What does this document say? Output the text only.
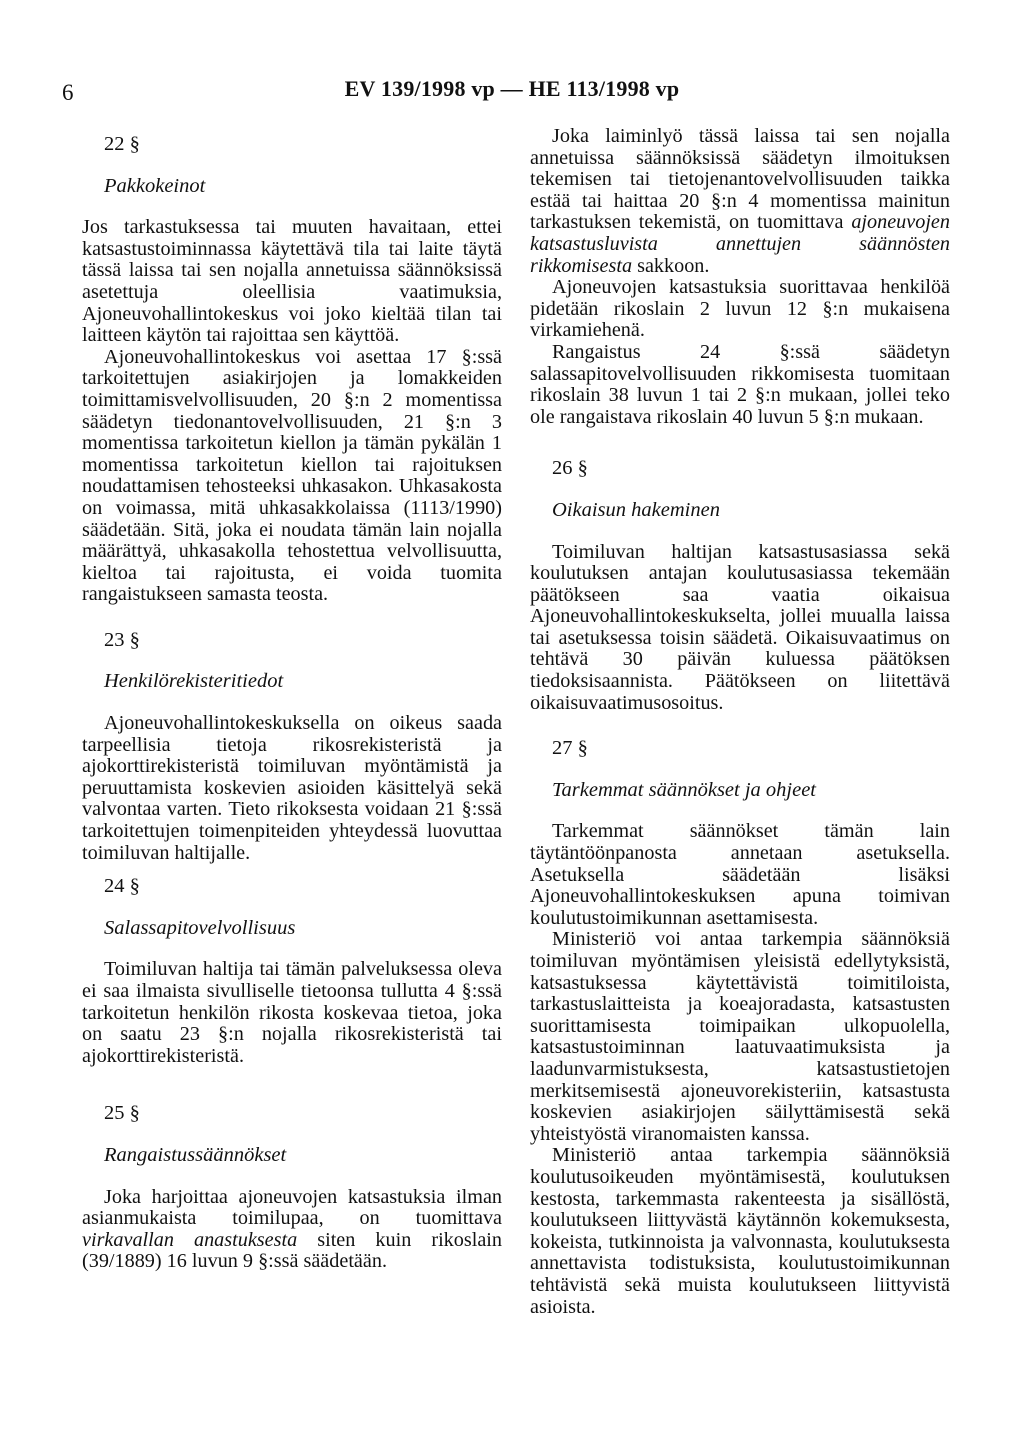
6	EV 139/1998 vp — HE 113/1998 vp

22 §

Pakkokeinot

Jos tarkastuksessa tai muuten havaitaan, ettei katsastustoiminnassa käytettävä tila tai laite täytä tässä laissa tai sen nojalla annetuissa säännöksissä asetettuja oleellisia vaatimuksia, Ajoneuvohallintokeskus voi joko kieltää tilan tai laitteen käytön tai rajoittaa sen käyttöä.

Ajoneuvohallintokeskus voi asettaa 17 §:ssä tarkoitettujen asiakirjojen ja lomakkeiden toimittamisvelvollisuuden, 20 §:n 2 momentissa säädetyn tiedonantovelvollisuuden, 21 §:n 3 momentissa tarkoitetun kiellon ja tämän pykälän 1 momentissa tarkoitetun kiellon tai rajoituksen noudattamisen tehosteeksi uhkasakon. Uhkasakosta on voimassa, mitä uhkasakkolaissa (1113/1990) säädetään. Sitä, joka ei noudata tämän lain nojalla määrättyä, uhkasakolla tehostettua velvollisuutta, kieltoa tai rajoitusta, ei voida tuomita rangaistukseen samasta teosta.

23 §

Henkilörekisteritiedot

Ajoneuvohallintokeskuksella on oikeus saada tarpeellisia tietoja rikosrekisteristä ja ajokorttirekisteristä toimiluvan myöntämistä ja peruuttamista koskevien asioiden käsittelyä sekä valvontaa varten. Tieto rikoksesta voidaan 21 §:ssä tarkoitettujen toimenpiteiden yhteydessä luovuttaa toimiluvan haltijalle.

24 §

Salassapitovelvollisuus

Toimiluvan haltija tai tämän palveluksessa oleva ei saa ilmaista sivulliselle tietoonsa tullutta 4 §:ssä tarkoitetun henkilön rikosta koskevaa tietoa, joka on saatu 23 §:n nojalla rikosrekisteristä tai ajokorttirekisteristä.

25 §

Rangaistussäännökset

Joka harjoittaa ajoneuvojen katsastuksia ilman asianmukaista toimilupaa, on tuomittava virkavallan anastuksesta siten kuin rikoslain (39/1889) 16 luvun 9 §:ssä säädetään.

Joka laiminlyö tässä laissa tai sen nojalla annetuissa säännöksissä säädetyn ilmoituksen tekemisen tai tietojenantovelvollisuuden taikka estää tai haittaa 20 §:n 4 momentissa mainitun tarkastuksen tekemistä, on tuomittava ajoneuvojen katsastusluvista annettujen säännösten rikkomisesta sakkoon.

Ajoneuvojen katsastuksia suorittavaa henkilöä pidetään rikoslain 2 luvun 12 §:n mukaisena virkamiehenä.

Rangaistus 24 §:ssä säädetyn salassapitovelvollisuuden rikkomisesta tuomitaan rikoslain 38 luvun 1 tai 2 §:n mukaan, jollei teko ole rangaistava rikoslain 40 luvun 5 §:n mukaan.

26 §

Oikaisun hakeminen

Toimiluvan haltijan katsastusasiassa sekä koulutuksen antajan koulutusasiassa tekemään päätökseen saa vaatia oikaisua Ajoneuvohallintokeskukselta, jollei muualla laissa tai asetuksessa toisin säädetä. Oikaisuvaatimus on tehtävä 30 päivän kuluessa päätöksen tiedoksisaannista. Päätökseen on liitettävä oikaisuvaatimusosoitus.

27 §

Tarkemmat säännökset ja ohjeet

Tarkemmat säännökset tämän lain täytäntöönpanosta annetaan asetuksella. Asetuksella säädetään lisäksi Ajoneuvohallintokeskuksen apuna toimivan koulutustoimikunnan asettamisesta.

Ministeriö voi antaa tarkempia säännöksiä toimiluvan myöntämisen yleisistä edellytyksistä, katsastuksessa käytettävistä toimitiloista, tarkastuslaitteista ja koeajoradasta, katsastusten suorittamisesta toimipaikan ulkopuolella, katsastustoiminnan laatuvaatimuksista ja laadunvarmistuksesta, katsastustietojen merkitsemisestä ajoneuvorekisteriin, katsastusta koskevien asiakirjojen säilyttämisestä sekä yhteistyöstä viranomaisten kanssa.

Ministeriö antaa tarkempia säännöksiä koulutusoikeuden myöntämisestä, koulutuksen kestosta, tarkemmasta rakenteesta ja sisällöstä, koulutukseen liittyvästä käytännön kokemuksesta, kokeista, tutkinnoista ja valvonnasta, koulutuksesta annettavista todistuksista, koulutustoimikunnan tehtävistä sekä muista koulutukseen liittyvistä asioista.
